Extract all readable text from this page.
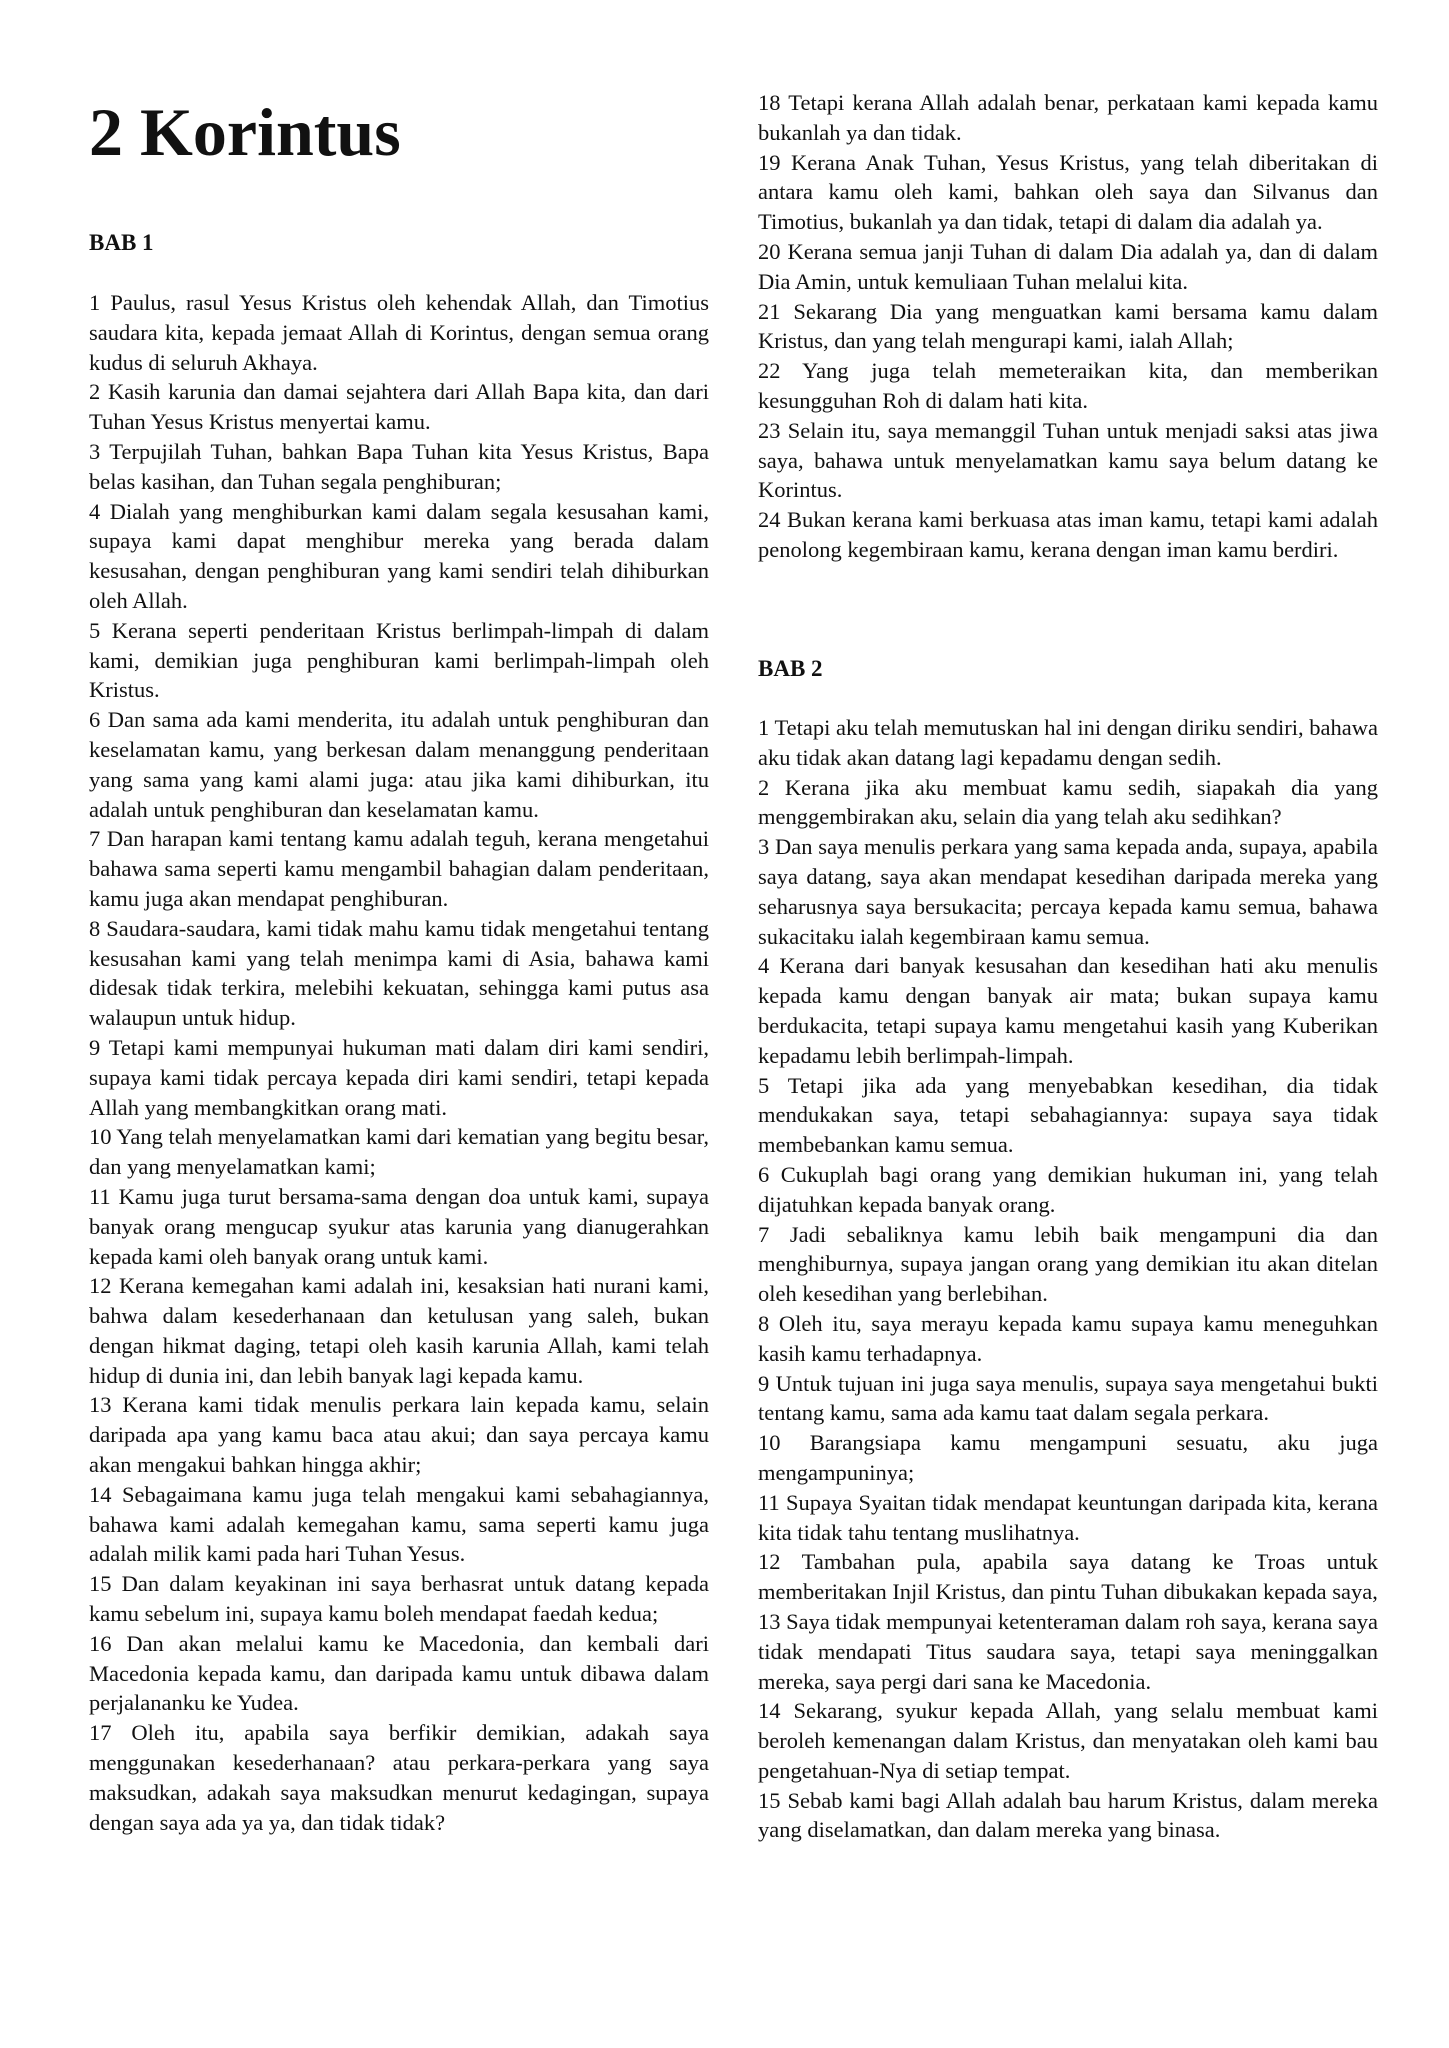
2 Korintus
BAB 1

1 Paulus, rasul Yesus Kristus oleh kehendak Allah, dan Timotius saudara kita, kepada jemaat Allah di Korintus, dengan semua orang kudus di seluruh Akhaya.

2 Kasih karunia dan damai sejahtera dari Allah Bapa kita, dan dari Tuhan Yesus Kristus menyertai kamu.

3 Terpujilah Tuhan, bahkan Bapa Tuhan kita Yesus Kristus, Bapa belas kasihan, dan Tuhan segala penghiburan;

4 Dialah yang menghiburkan kami dalam segala kesusahan kami, supaya kami dapat menghibur mereka yang berada dalam kesusahan, dengan penghiburan yang kami sendiri telah dihiburkan oleh Allah.

5 Kerana seperti penderitaan Kristus berlimpah-limpah di dalam kami, demikian juga penghiburan kami berlimpah-limpah oleh Kristus.

6 Dan sama ada kami menderita, itu adalah untuk penghiburan dan keselamatan kamu, yang berkesan dalam menanggung penderitaan yang sama yang kami alami juga: atau jika kami dihiburkan, itu adalah untuk penghiburan dan keselamatan kamu.

7 Dan harapan kami tentang kamu adalah teguh, kerana mengetahui bahawa sama seperti kamu mengambil bahagian dalam penderitaan, kamu juga akan mendapat penghiburan.

8 Saudara-saudara, kami tidak mahu kamu tidak mengetahui tentang kesusahan kami yang telah menimpa kami di Asia, bahawa kami didesak tidak terkira, melebihi kekuatan, sehingga kami putus asa walaupun untuk hidup.

9 Tetapi kami mempunyai hukuman mati dalam diri kami sendiri, supaya kami tidak percaya kepada diri kami sendiri, tetapi kepada Allah yang membangkitkan orang mati.

10 Yang telah menyelamatkan kami dari kematian yang begitu besar, dan yang menyelamatkan kami;

11 Kamu juga turut bersama-sama dengan doa untuk kami, supaya banyak orang mengucap syukur atas karunia yang dianugerahkan kepada kami oleh banyak orang untuk kami.

12 Kerana kemegahan kami adalah ini, kesaksian hati nurani kami, bahwa dalam kesederhanaan dan ketulusan yang saleh, bukan dengan hikmat daging, tetapi oleh kasih karunia Allah, kami telah hidup di dunia ini, dan lebih banyak lagi kepada kamu.

13 Kerana kami tidak menulis perkara lain kepada kamu, selain daripada apa yang kamu baca atau akui; dan saya percaya kamu akan mengakui bahkan hingga akhir;

14 Sebagaimana kamu juga telah mengakui kami sebahagiannya, bahawa kami adalah kemegahan kamu, sama seperti kamu juga adalah milik kami pada hari Tuhan Yesus.

15 Dan dalam keyakinan ini saya berhasrat untuk datang kepada kamu sebelum ini, supaya kamu boleh mendapat faedah kedua;

16 Dan akan melalui kamu ke Macedonia, dan kembali dari Macedonia kepada kamu, dan daripada kamu untuk dibawa dalam perjalananku ke Yudea.

17 Oleh itu, apabila saya berfikir demikian, adakah saya menggunakan kesederhanaan? atau perkara-perkara yang saya maksudkan, adakah saya maksudkan menurut kedagingan, supaya dengan saya ada ya ya, dan tidak tidak?

18 Tetapi kerana Allah adalah benar, perkataan kami kepada kamu bukanlah ya dan tidak.

19 Kerana Anak Tuhan, Yesus Kristus, yang telah diberitakan di antara kamu oleh kami, bahkan oleh saya dan Silvanus dan Timotius, bukanlah ya dan tidak, tetapi di dalam dia adalah ya.

20 Kerana semua janji Tuhan di dalam Dia adalah ya, dan di dalam Dia Amin, untuk kemuliaan Tuhan melalui kita.

21 Sekarang Dia yang menguatkan kami bersama kamu dalam Kristus, dan yang telah mengurapi kami, ialah Allah;

22 Yang juga telah memeteraikan kita, dan memberikan kesungguhan Roh di dalam hati kita.

23 Selain itu, saya memanggil Tuhan untuk menjadi saksi atas jiwa saya, bahawa untuk menyelamatkan kamu saya belum datang ke Korintus.

24 Bukan kerana kami berkuasa atas iman kamu, tetapi kami adalah penolong kegembiraan kamu, kerana dengan iman kamu berdiri.

BAB 2

1 Tetapi aku telah memutuskan hal ini dengan diriku sendiri, bahawa aku tidak akan datang lagi kepadamu dengan sedih.

2 Kerana jika aku membuat kamu sedih, siapakah dia yang menggembirakan aku, selain dia yang telah aku sedihkan?

3 Dan saya menulis perkara yang sama kepada anda, supaya, apabila saya datang, saya akan mendapat kesedihan daripada mereka yang seharusnya saya bersukacita; percaya kepada kamu semua, bahawa sukacitaku ialah kegembiraan kamu semua.

4 Kerana dari banyak kesusahan dan kesedihan hati aku menulis kepada kamu dengan banyak air mata; bukan supaya kamu berdukacita, tetapi supaya kamu mengetahui kasih yang Kuberikan kepadamu lebih berlimpah-limpah.

5 Tetapi jika ada yang menyebabkan kesedihan, dia tidak mendukakan saya, tetapi sebahagiannya: supaya saya tidak membebankan kamu semua.

6 Cukuplah bagi orang yang demikian hukuman ini, yang telah dijatuhkan kepada banyak orang.

7 Jadi sebaliknya kamu lebih baik mengampuni dia dan menghiburnya, supaya jangan orang yang demikian itu akan ditelan oleh kesedihan yang berlebihan.

8 Oleh itu, saya merayu kepada kamu supaya kamu meneguhkan kasih kamu terhadapnya.

9 Untuk tujuan ini juga saya menulis, supaya saya mengetahui bukti tentang kamu, sama ada kamu taat dalam segala perkara.

10 Barangsiapa kamu mengampuni sesuatu, aku juga mengampuninya;

11 Supaya Syaitan tidak mendapat keuntungan daripada kita, kerana kita tidak tahu tentang muslihatnya.

12 Tambahan pula, apabila saya datang ke Troas untuk memberitakan Injil Kristus, dan pintu Tuhan dibukakan kepada saya,

13 Saya tidak mempunyai ketenteraman dalam roh saya, kerana saya tidak mendapati Titus saudara saya, tetapi saya meninggalkan mereka, saya pergi dari sana ke Macedonia.

14 Sekarang, syukur kepada Allah, yang selalu membuat kami beroleh kemenangan dalam Kristus, dan menyatakan oleh kami bau pengetahuan-Nya di setiap tempat.

15 Sebab kami bagi Allah adalah bau harum Kristus, dalam mereka yang diselamatkan, dan dalam mereka yang binasa.
